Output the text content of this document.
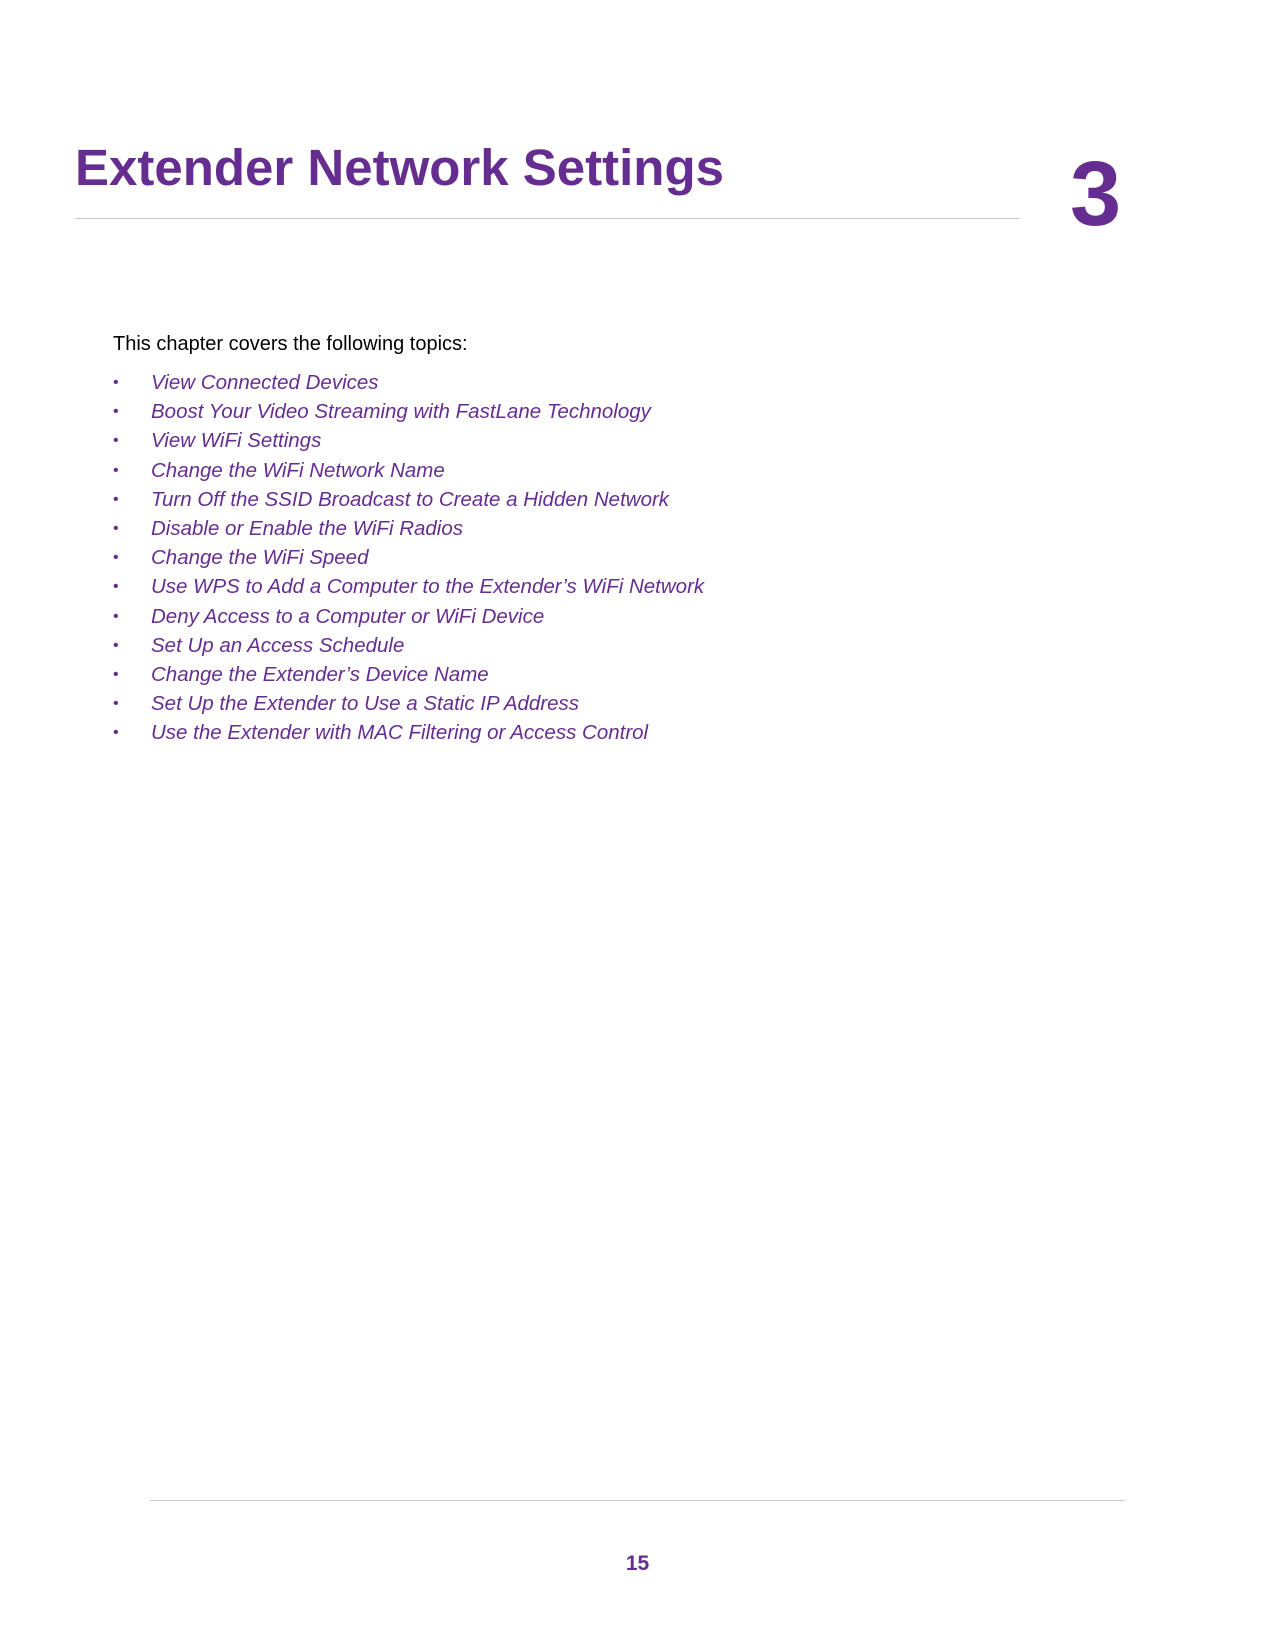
Extender Network Settings	3

This chapter covers the following topics:

• View Connected Devices
• Boost Your Video Streaming with FastLane Technology
• View WiFi Settings
• Change the WiFi Network Name
• Turn Off the SSID Broadcast to Create a Hidden Network
• Disable or Enable the WiFi Radios
• Change the WiFi Speed
• Use WPS to Add a Computer to the Extender’s WiFi Network
• Deny Access to a Computer or WiFi Device
• Set Up an Access Schedule
• Change the Extender’s Device Name
• Set Up the Extender to Use a Static IP Address
• Use the Extender with MAC Filtering or Access Control
15
